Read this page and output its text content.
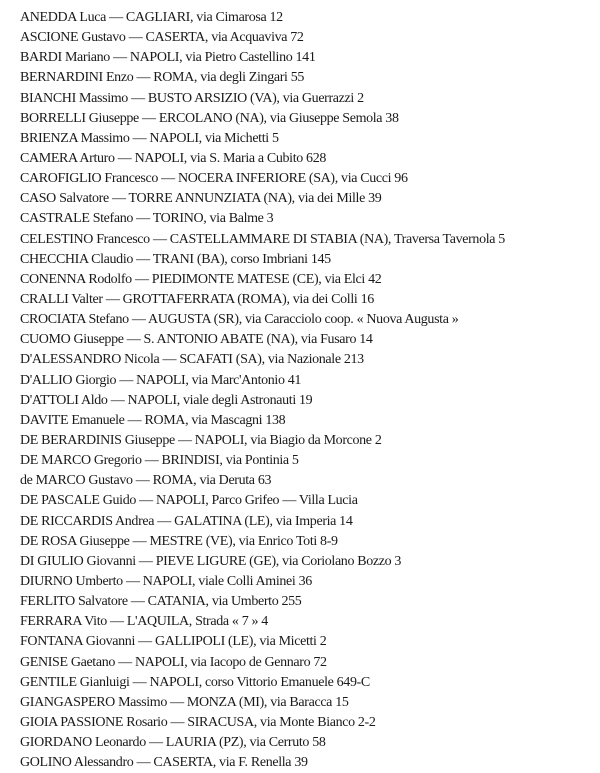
ANEDDA Luca — CAGLIARI, via Cimarosa 12
ASCIONE Gustavo — CASERTA, via Acquaviva 72
BARDI Mariano — NAPOLI, via Pietro Castellino 141
BERNARDINI Enzo — ROMA, via degli Zingari 55
BIANCHI Massimo — BUSTO ARSIZIO (VA), via Guerrazzi 2
BORRELLI Giuseppe — ERCOLANO (NA), via Giuseppe Semola 38
BRIENZA Massimo — NAPOLI, via Michetti 5
CAMERA Arturo — NAPOLI, via S. Maria a Cubito 628
CAROFIGLIO Francesco — NOCERA INFERIORE (SA), via Cucci 96
CASO Salvatore — TORRE ANNUNZIATA (NA), via dei Mille 39
CASTRALE Stefano — TORINO, via Balme 3
CELESTINO Francesco — CASTELLAMMARE DI STABIA (NA), Traversa Tavernola 5
CHECCHIA Claudio — TRANI (BA), corso Imbriani 145
CONENNA Rodolfo — PIEDIMONTE MATESE (CE), via Elci 42
CRALLI Valter — GROTTAFERRATA (ROMA), via dei Colli 16
CROCIATA Stefano — AUGUSTA (SR), via Caracciolo coop. « Nuova Augusta »
CUOMO Giuseppe — S. ANTONIO ABATE (NA), via Fusaro 14
D'ALESSANDRO Nicola — SCAFATI (SA), via Nazionale 213
D'ALLIO Giorgio — NAPOLI, via Marc'Antonio 41
D'ATTOLI Aldo — NAPOLI, viale degli Astronauti 19
DAVITE Emanuele — ROMA, via Mascagni 138
DE BERARDINIS Giuseppe — NAPOLI, via Biagio da Morcone 2
DE MARCO Gregorio — BRINDISI, via Pontinia 5
de MARCO Gustavo — ROMA, via Deruta 63
DE PASCALE Guido — NAPOLI, Parco Grifeo — Villa Lucia
DE RICCARDIS Andrea — GALATINA (LE), via Imperia 14
DE ROSA Giuseppe — MESTRE (VE), via Enrico Toti 8-9
DI GIULIO Giovanni — PIEVE LIGURE (GE), via Coriolano Bozzo 3
DIURNO Umberto — NAPOLI, viale Colli Aminei 36
FERLITO Salvatore — CATANIA, via Umberto 255
FERRARA Vito — L'AQUILA, Strada « 7 » 4
FONTANA Giovanni — GALLIPOLI (LE), via Micetti 2
GENISE Gaetano — NAPOLI, via Iacopo de Gennaro 72
GENTILE Gianluigi — NAPOLI, corso Vittorio Emanuele 649-C
GIANGASPERO Massimo — MONZA (MI), via Baracca 15
GIOIA PASSIONE Rosario — SIRACUSA, via Monte Bianco 2-2
GIORDANO Leonardo — LAURIA (PZ), via Cerruto 58
GOLINO Alessandro — CASERTA, via F. Renella 39
